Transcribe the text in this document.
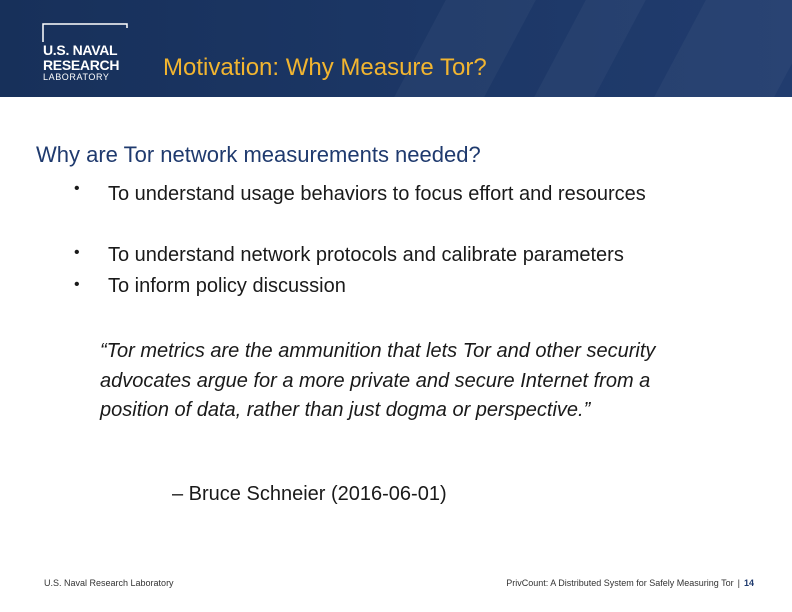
U.S. NAVAL
RESEARCH
LABORATORY Motivation: Why Measure Tor?
Why are Tor network measurements needed?
• To understand usage behaviors to focus effort and resources
• To understand network protocols and calibrate parameters
• To inform policy discussion
“Tor metrics are the ammunition that lets Tor and other security advocates argue for a more private and secure Internet from a position of data, rather than just dogma or perspective.”
– Bruce Schneier (2016-06-01)
U.S. Naval Research Laboratory	PrivCount: A Distributed System for Safely Measuring Tor | 14
